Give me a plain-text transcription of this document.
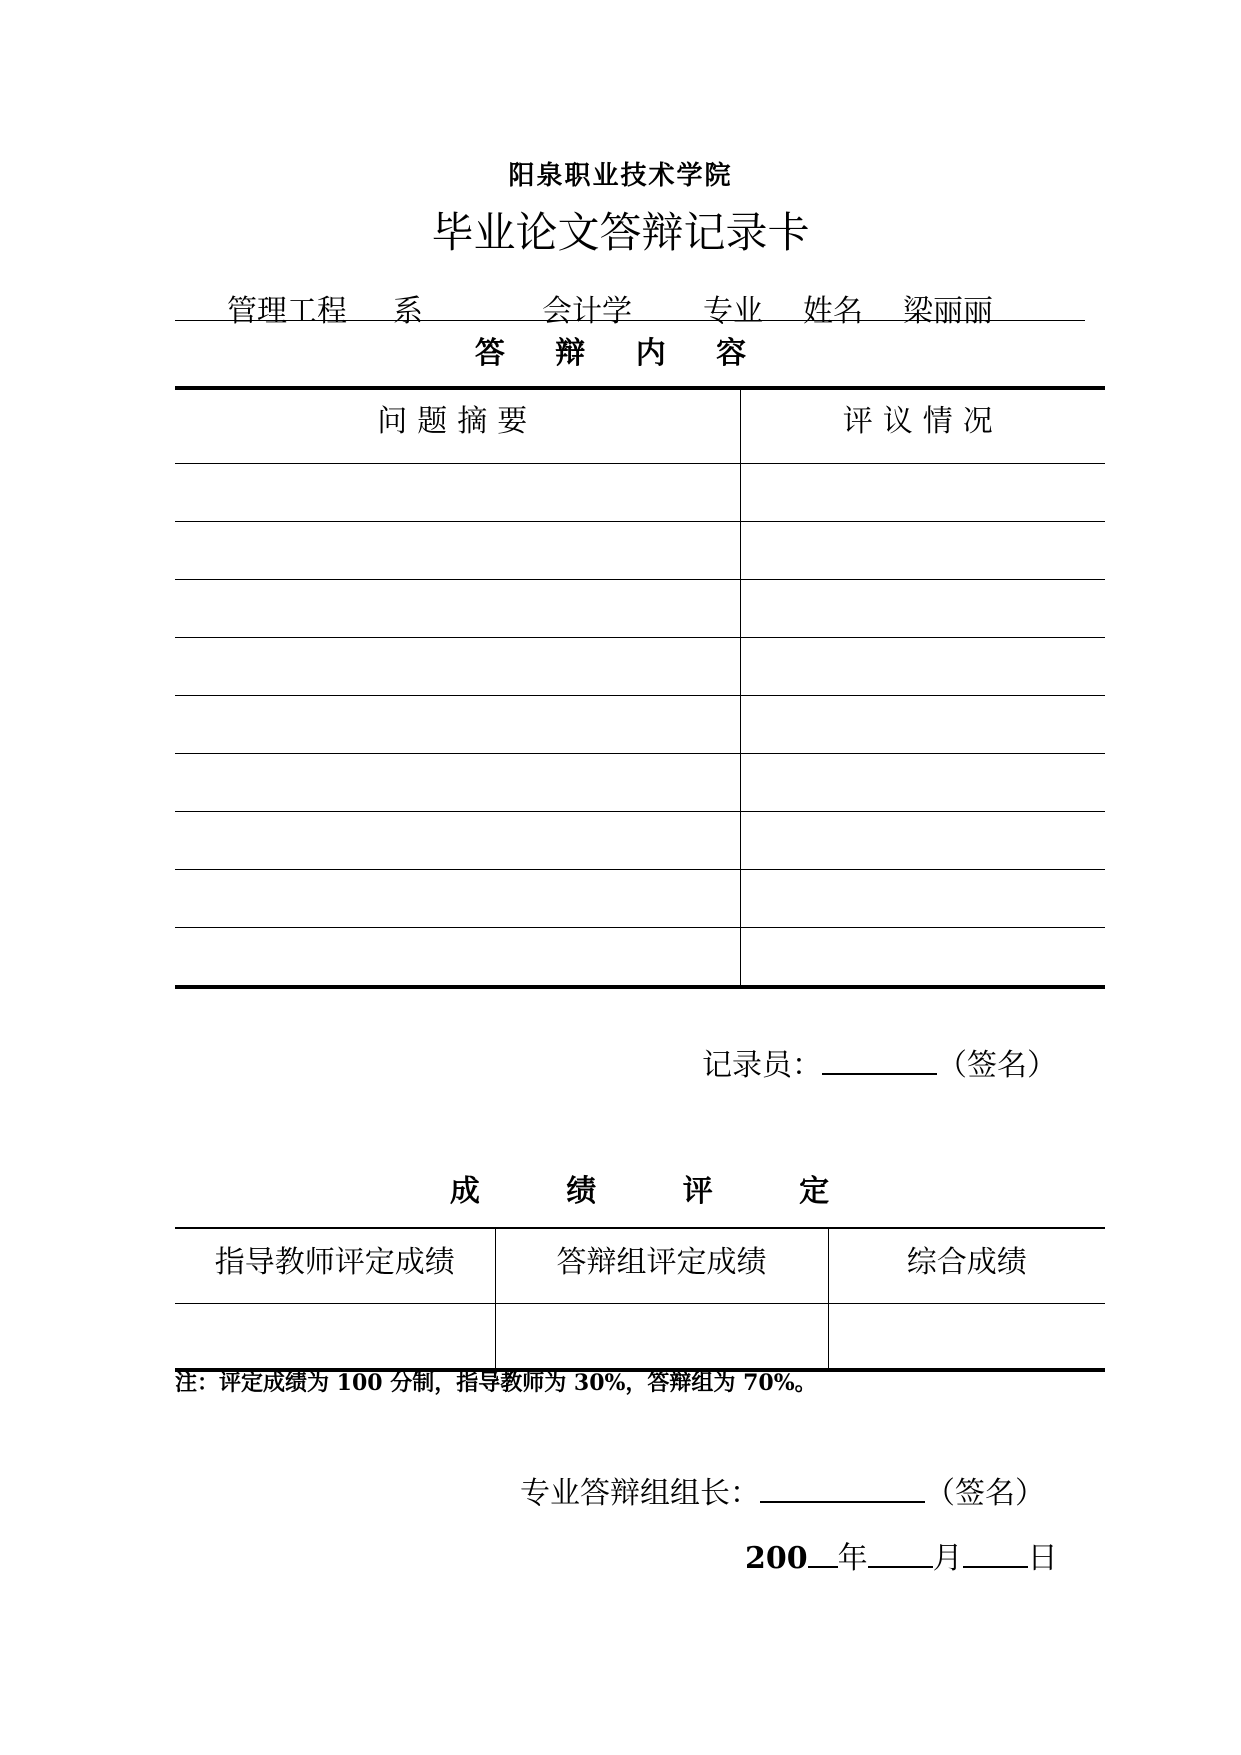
阳泉职业技术学院
毕业论文答辩记录卡
管理工程 系	会计学 专业 姓名 梁丽丽
答 辩 内 容
问题摘要	评议情况

记录员：	（签名）
成 绩 评 定
指导教师评定成绩	答辩组评定成绩	综合成绩

注：评定成绩为 100 分制，指导教师为 30%，答辩组为 70%。
专业答辩组组长：	（签名）
200 年 月 日
